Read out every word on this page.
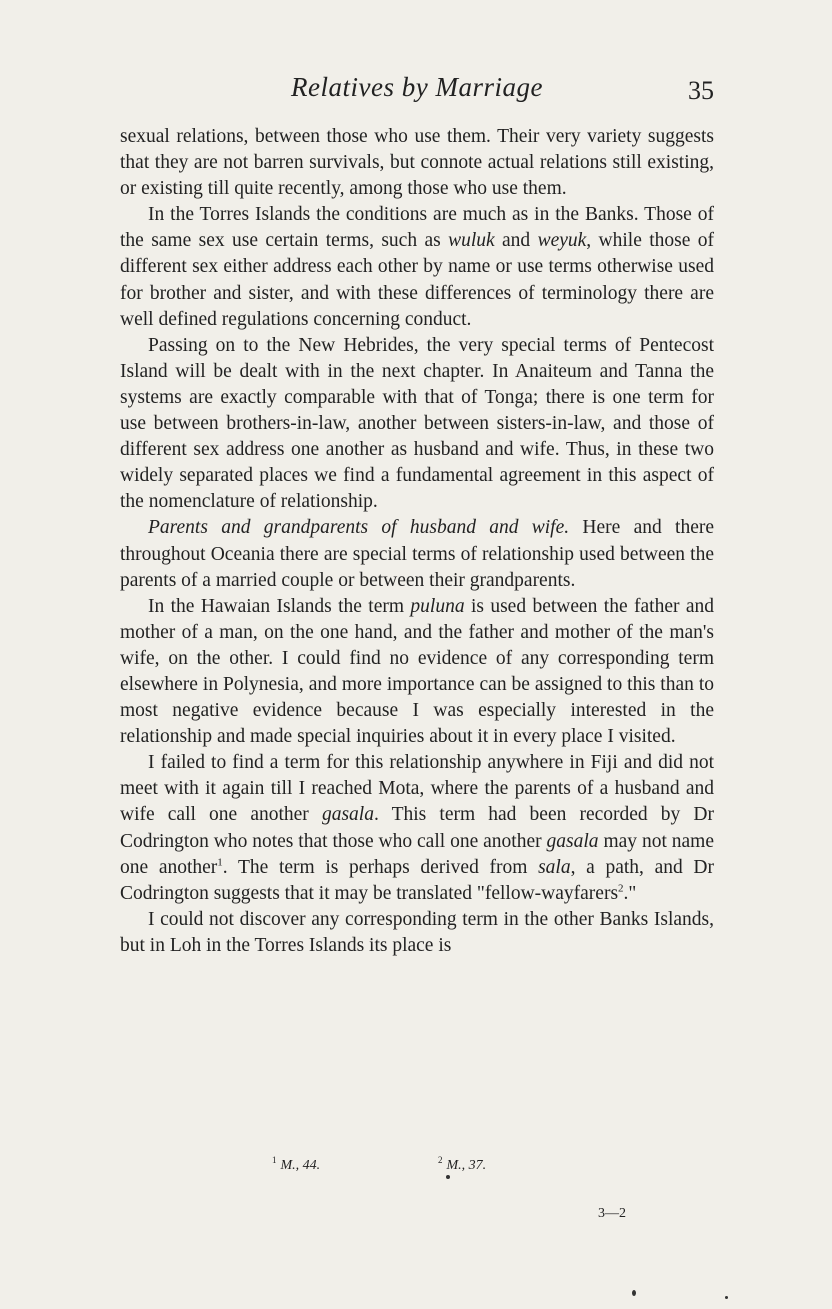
Relatives by Marriage	35

sexual relations, between those who use them. Their very variety suggests that they are not barren survivals, but connote actual relations still existing, or existing till quite recently, among those who use them.

In the Torres Islands the conditions are much as in the Banks. Those of the same sex use certain terms, such as wuluk and weyuk, while those of different sex either address each other by name or use terms otherwise used for brother and sister, and with these differences of terminology there are well defined regulations concerning conduct.

Passing on to the New Hebrides, the very special terms of Pentecost Island will be dealt with in the next chapter. In Anaiteum and Tanna the systems are exactly comparable with that of Tonga; there is one term for use between brothers-in-law, another between sisters-in-law, and those of different sex address one another as husband and wife. Thus, in these two widely separated places we find a fundamental agreement in this aspect of the nomenclature of relationship.

Parents and grandparents of husband and wife. Here and there throughout Oceania there are special terms of relationship used between the parents of a married couple or between their grandparents.

In the Hawaian Islands the term puluna is used between the father and mother of a man, on the one hand, and the father and mother of the man's wife, on the other. I could find no evidence of any corresponding term elsewhere in Polynesia, and more importance can be assigned to this than to most negative evidence because I was especially interested in the relationship and made special inquiries about it in every place I visited.

I failed to find a term for this relationship anywhere in Fiji and did not meet with it again till I reached Mota, where the parents of a husband and wife call one another gasala. This term had been recorded by Dr Codrington who notes that those who call one another gasala may not name one another$^1$. The term is perhaps derived from sala, a path, and Dr Codrington suggests that it may be translated "fellow-wayfarers$^2$."

I could not discover any corresponding term in the other Banks Islands, but in Loh in the Torres Islands its place is

$^1$ M., 44.	$^2$ M., 37.
3—2
